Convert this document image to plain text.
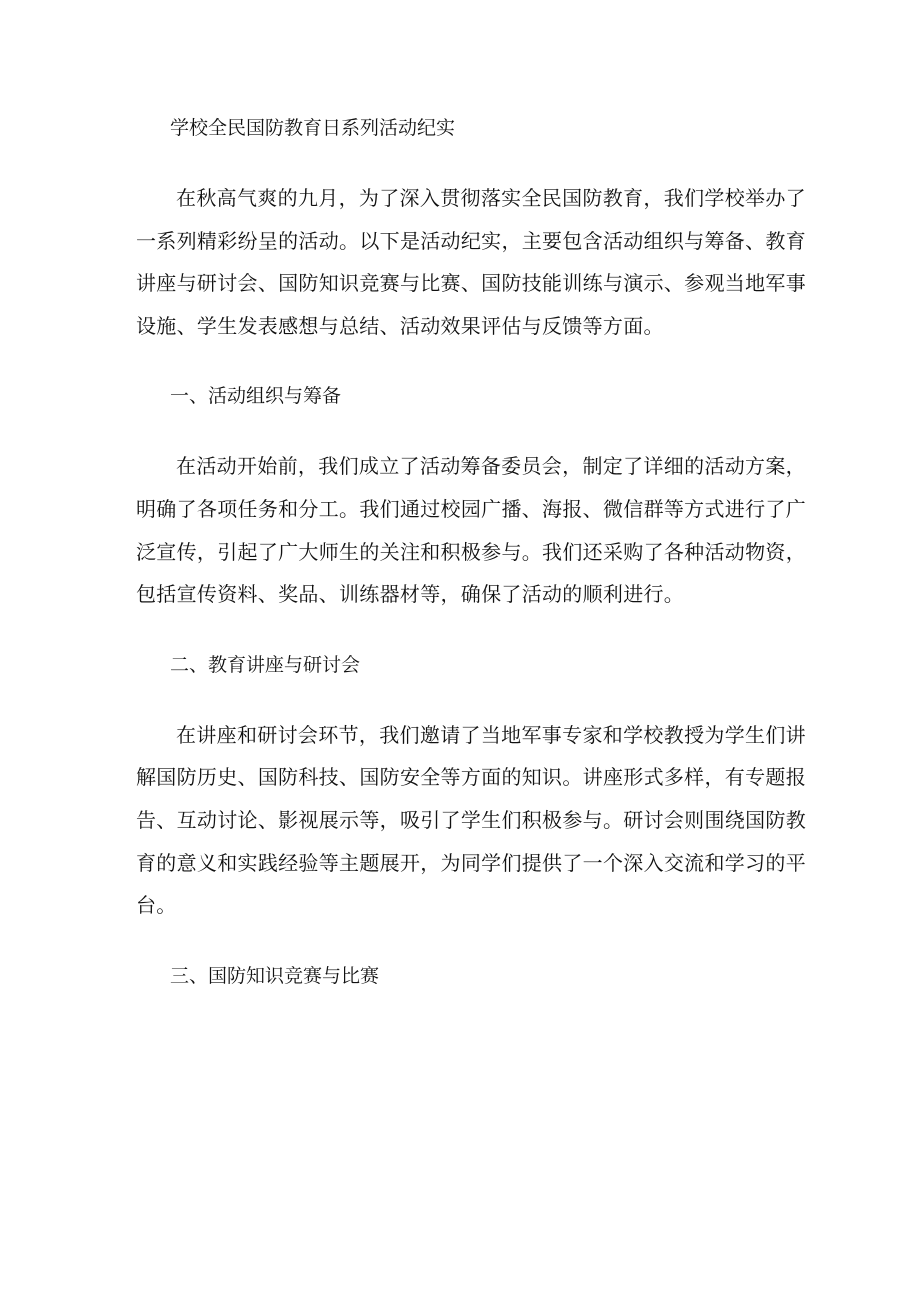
学校全民国防教育日系列活动纪实

在秋高气爽的九月，为了深入贯彻落实全民国防教育，我们学校举办了一系列精彩纷呈的活动。以下是活动纪实，主要包含活动组织与筹备、教育讲座与研讨会、国防知识竞赛与比赛、国防技能训练与演示、参观当地军事设施、学生发表感想与总结、活动效果评估与反馈等方面。

一、活动组织与筹备

在活动开始前，我们成立了活动筹备委员会，制定了详细的活动方案，明确了各项任务和分工。我们通过校园广播、海报、微信群等方式进行了广泛宣传，引起了广大师生的关注和积极参与。我们还采购了各种活动物资，包括宣传资料、奖品、训练器材等，确保了活动的顺利进行。

二、教育讲座与研讨会

在讲座和研讨会环节，我们邀请了当地军事专家和学校教授为学生们讲解国防历史、国防科技、国防安全等方面的知识。讲座形式多样，有专题报告、互动讨论、影视展示等，吸引了学生们积极参与。研讨会则围绕国防教育的意义和实践经验等主题展开，为同学们提供了一个深入交流和学习的平台。

三、国防知识竞赛与比赛
